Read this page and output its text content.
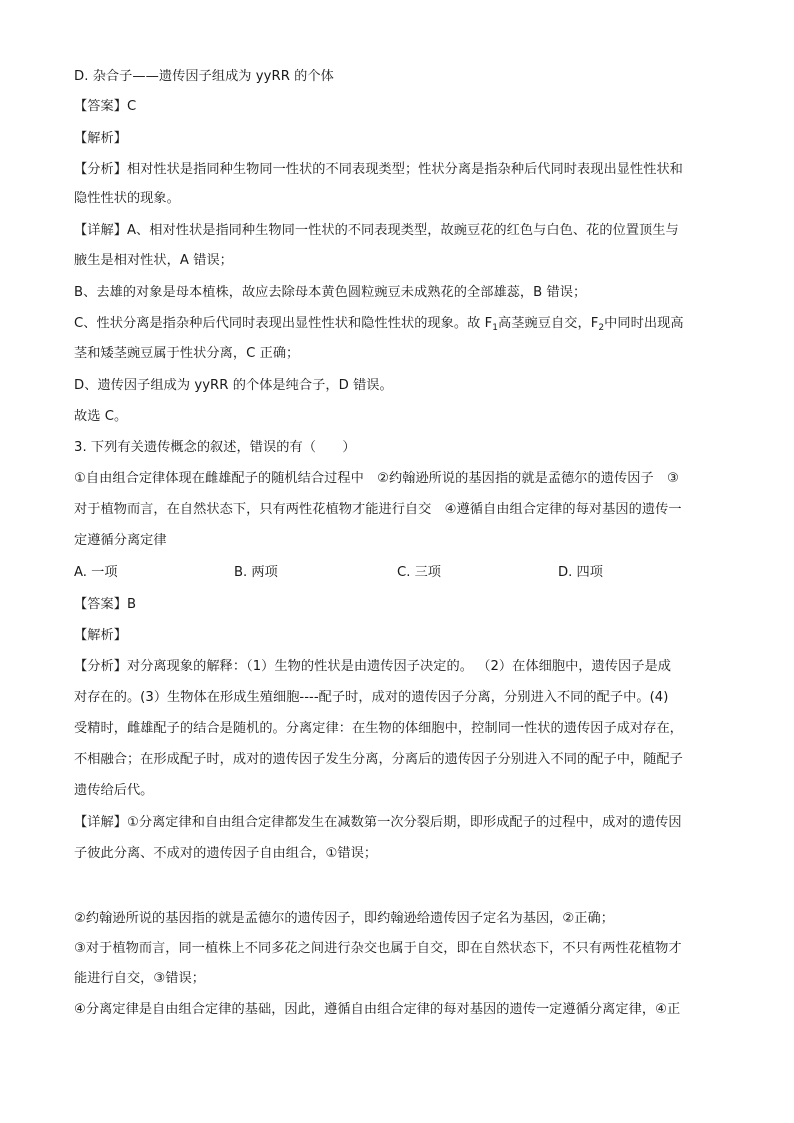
D. 杂合子——遗传因子组成为 yyRR 的个体
【答案】C
【解析】
【分析】相对性状是指同种生物同一性状的不同表现类型；性状分离是指杂种后代同时表现出显性性状和
隐性性状的现象。
【详解】A、相对性状是指同种生物同一性状的不同表现类型，故豌豆花的红色与白色、花的位置顶生与
腋生是相对性状，A 错误；
B、去雄的对象是母本植株，故应去除母本黄色圆粒豌豆未成熟花的全部雄蕊，B 错误；
C、性状分离是指杂种后代同时表现出显性性状和隐性性状的现象。故 $F_1$高茎豌豆自交，$F_2$中同时出现高
茎和矮茎豌豆属于性状分离，C 正确；
D、遗传因子组成为 yyRR 的个体是纯合子，D 错误。
故选 C。
3. 下列有关遗传概念的叙述，错误的有（　　）
①自由组合定律体现在雌雄配子的随机结合过程中　②约翰逊所说的基因指的就是孟德尔的遗传因子　③
对于植物而言，在自然状态下，只有两性花植物才能进行自交　④遵循自由组合定律的每对基因的遗传一
定遵循分离定律
A. 一项	B. 两项	C. 三项	D. 四项
【答案】B
【解析】
【分析】对分离现象的解释：（1）生物的性状是由遗传因子决定的。 （2）在体细胞中，遗传因子是成
对存在的。(3）生物体在形成生殖细胞----配子时，成对的遗传因子分离，分别进入不同的配子中。(4)
受精时，雌雄配子的结合是随机的。分离定律：在生物的体细胞中，控制同一性状的遗传因子成对存在，
不相融合；在形成配子时，成对的遗传因子发生分离，分离后的遗传因子分别进入不同的配子中，随配子
遗传给后代。
【详解】①分离定律和自由组合定律都发生在减数第一次分裂后期，即形成配子的过程中，成对的遗传因
子彼此分离、不成对的遗传因子自由组合，①错误；
②约翰逊所说的基因指的就是孟德尔的遗传因子，即约翰逊给遗传因子定名为基因，②正确；
③对于植物而言，同一植株上不同多花之间进行杂交也属于自交，即在自然状态下，不只有两性花植物才
能进行自交，③错误；
④分离定律是自由组合定律的基础，因此，遵循自由组合定律的每对基因的遗传一定遵循分离定律，④正
